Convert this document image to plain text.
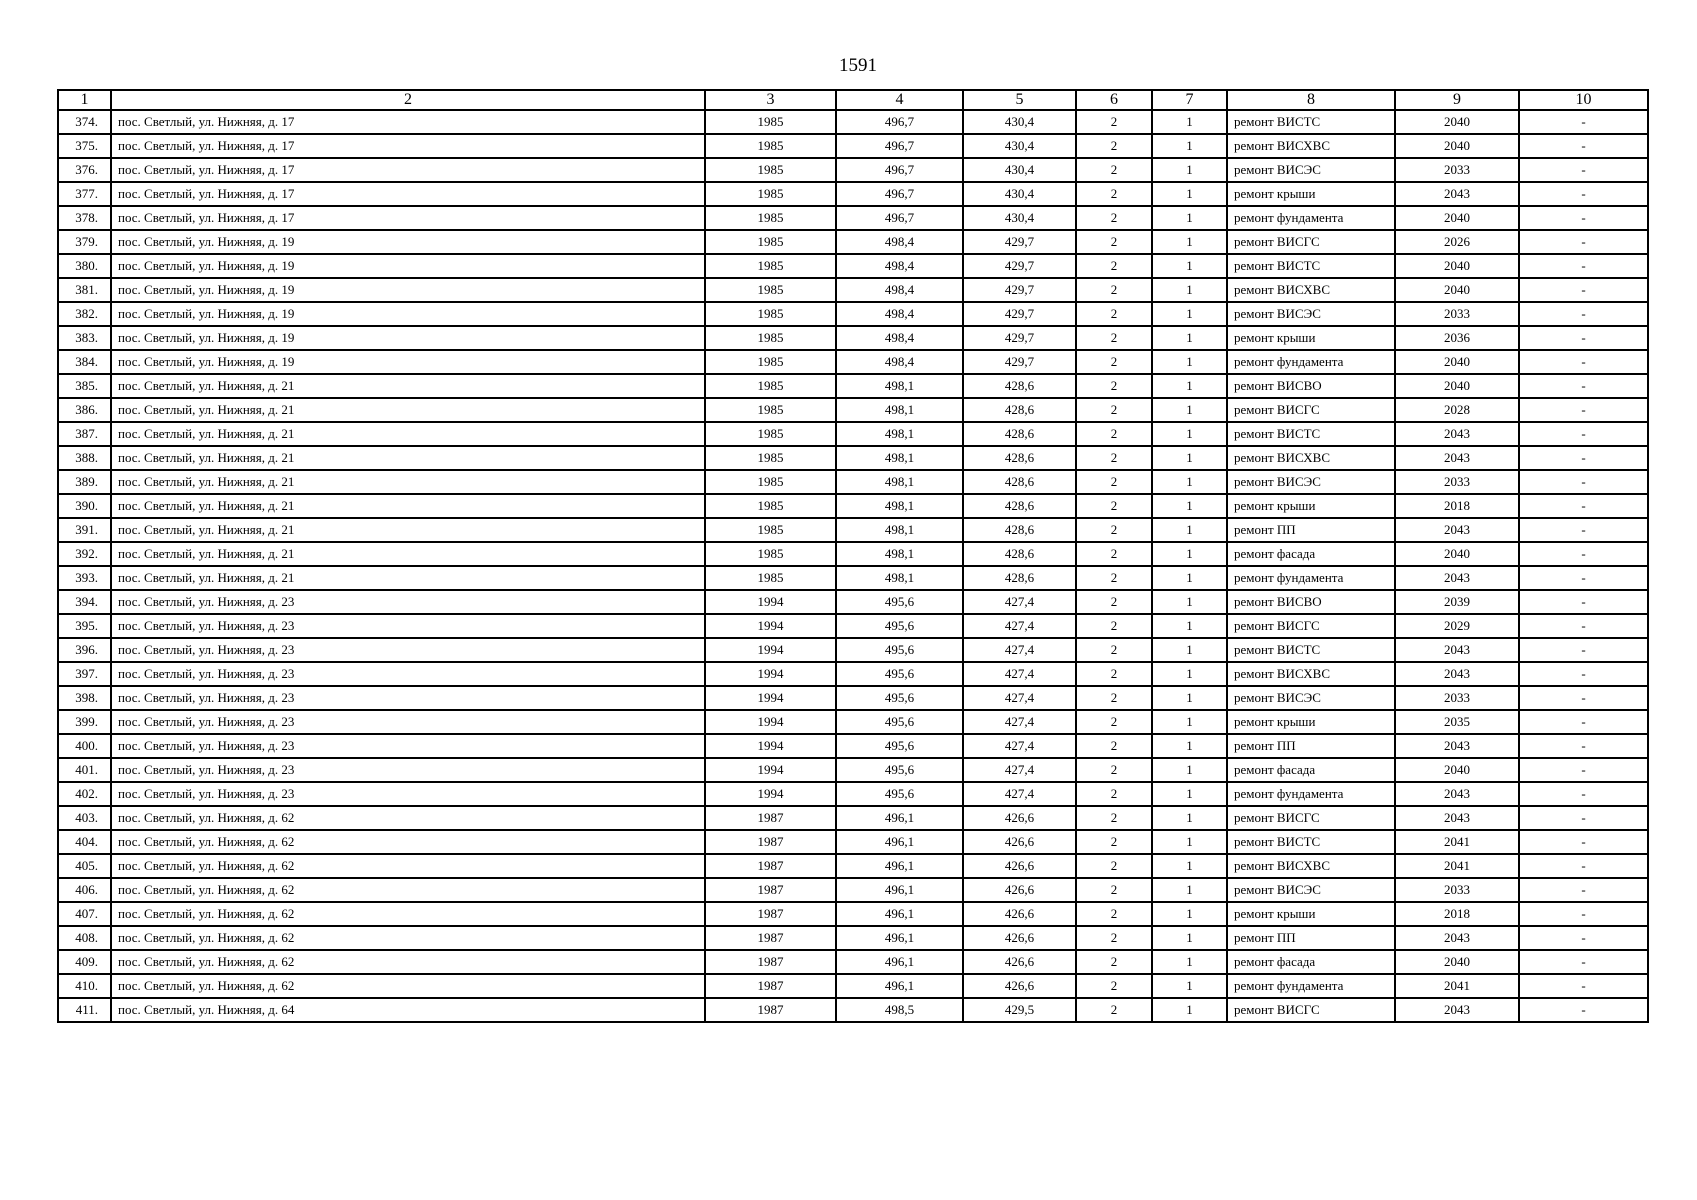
1591
1	2	3	4	5	6	7	8	9	10
374.	пос. Светлый, ул. Нижняя, д. 17	1985	496,7	430,4	2	1	ремонт ВИСТС	2040	-
375.	пос. Светлый, ул. Нижняя, д. 17	1985	496,7	430,4	2	1	ремонт ВИСХВС	2040	-
376.	пос. Светлый, ул. Нижняя, д. 17	1985	496,7	430,4	2	1	ремонт ВИСЭС	2033	-
377.	пос. Светлый, ул. Нижняя, д. 17	1985	496,7	430,4	2	1	ремонт крыши	2043	-
378.	пос. Светлый, ул. Нижняя, д. 17	1985	496,7	430,4	2	1	ремонт фундамента	2040	-
379.	пос. Светлый, ул. Нижняя, д. 19	1985	498,4	429,7	2	1	ремонт ВИСГС	2026	-
380.	пос. Светлый, ул. Нижняя, д. 19	1985	498,4	429,7	2	1	ремонт ВИСТС	2040	-
381.	пос. Светлый, ул. Нижняя, д. 19	1985	498,4	429,7	2	1	ремонт ВИСХВС	2040	-
382.	пос. Светлый, ул. Нижняя, д. 19	1985	498,4	429,7	2	1	ремонт ВИСЭС	2033	-
383.	пос. Светлый, ул. Нижняя, д. 19	1985	498,4	429,7	2	1	ремонт крыши	2036	-
384.	пос. Светлый, ул. Нижняя, д. 19	1985	498,4	429,7	2	1	ремонт фундамента	2040	-
385.	пос. Светлый, ул. Нижняя, д. 21	1985	498,1	428,6	2	1	ремонт ВИСВО	2040	-
386.	пос. Светлый, ул. Нижняя, д. 21	1985	498,1	428,6	2	1	ремонт ВИСГС	2028	-
387.	пос. Светлый, ул. Нижняя, д. 21	1985	498,1	428,6	2	1	ремонт ВИСТС	2043	-
388.	пос. Светлый, ул. Нижняя, д. 21	1985	498,1	428,6	2	1	ремонт ВИСХВС	2043	-
389.	пос. Светлый, ул. Нижняя, д. 21	1985	498,1	428,6	2	1	ремонт ВИСЭС	2033	-
390.	пос. Светлый, ул. Нижняя, д. 21	1985	498,1	428,6	2	1	ремонт крыши	2018	-
391.	пос. Светлый, ул. Нижняя, д. 21	1985	498,1	428,6	2	1	ремонт ПП	2043	-
392.	пос. Светлый, ул. Нижняя, д. 21	1985	498,1	428,6	2	1	ремонт фасада	2040	-
393.	пос. Светлый, ул. Нижняя, д. 21	1985	498,1	428,6	2	1	ремонт фундамента	2043	-
394.	пос. Светлый, ул. Нижняя, д. 23	1994	495,6	427,4	2	1	ремонт ВИСВО	2039	-
395.	пос. Светлый, ул. Нижняя, д. 23	1994	495,6	427,4	2	1	ремонт ВИСГС	2029	-
396.	пос. Светлый, ул. Нижняя, д. 23	1994	495,6	427,4	2	1	ремонт ВИСТС	2043	-
397.	пос. Светлый, ул. Нижняя, д. 23	1994	495,6	427,4	2	1	ремонт ВИСХВС	2043	-
398.	пос. Светлый, ул. Нижняя, д. 23	1994	495,6	427,4	2	1	ремонт ВИСЭС	2033	-
399.	пос. Светлый, ул. Нижняя, д. 23	1994	495,6	427,4	2	1	ремонт крыши	2035	-
400.	пос. Светлый, ул. Нижняя, д. 23	1994	495,6	427,4	2	1	ремонт ПП	2043	-
401.	пос. Светлый, ул. Нижняя, д. 23	1994	495,6	427,4	2	1	ремонт фасада	2040	-
402.	пос. Светлый, ул. Нижняя, д. 23	1994	495,6	427,4	2	1	ремонт фундамента	2043	-
403.	пос. Светлый, ул. Нижняя, д. 62	1987	496,1	426,6	2	1	ремонт ВИСГС	2043	-
404.	пос. Светлый, ул. Нижняя, д. 62	1987	496,1	426,6	2	1	ремонт ВИСТС	2041	-
405.	пос. Светлый, ул. Нижняя, д. 62	1987	496,1	426,6	2	1	ремонт ВИСХВС	2041	-
406.	пос. Светлый, ул. Нижняя, д. 62	1987	496,1	426,6	2	1	ремонт ВИСЭС	2033	-
407.	пос. Светлый, ул. Нижняя, д. 62	1987	496,1	426,6	2	1	ремонт крыши	2018	-
408.	пос. Светлый, ул. Нижняя, д. 62	1987	496,1	426,6	2	1	ремонт ПП	2043	-
409.	пос. Светлый, ул. Нижняя, д. 62	1987	496,1	426,6	2	1	ремонт фасада	2040	-
410.	пос. Светлый, ул. Нижняя, д. 62	1987	496,1	426,6	2	1	ремонт фундамента	2041	-
411.	пос. Светлый, ул. Нижняя, д. 64	1987	498,5	429,5	2	1	ремонт ВИСГС	2043	-
